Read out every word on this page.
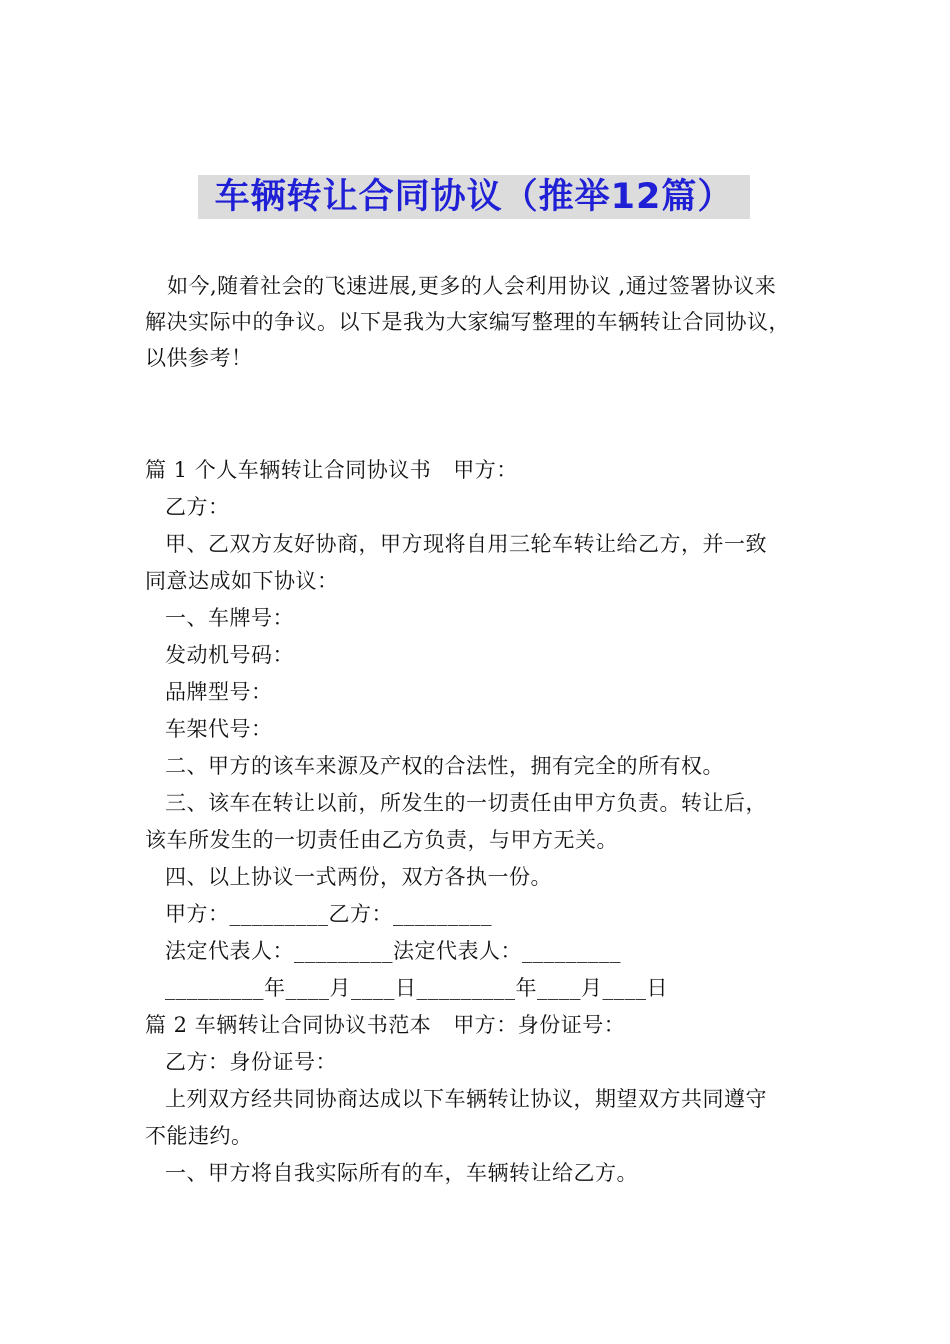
车辆转让合同协议（推举12篇）

如今,随着社会的飞速进展,更多的人会利用协议 ,通过签署协议来

解决实际中的争议。以下是我为大家编写整理的车辆转让合同协议，

以供参考！

篇 1 个人车辆转让合同协议书 甲方：
乙方：
甲、乙双方友好协商，甲方现将自用三轮车转让给乙方，并一致
同意达成如下协议：
一、车牌号：
发动机号码：
品牌型号：
车架代号：
二、甲方的该车来源及产权的合法性，拥有完全的所有权。
三、该车在转让以前，所发生的一切责任由甲方负责。转让后，
该车所发生的一切责任由乙方负责，与甲方无关。
四、以上协议一式两份，双方各执一份。
甲方：_________乙方：_________
法定代表人：_________法定代表人：_________
_________年____月____日_________年____月____日
篇 2 车辆转让合同协议书范本 甲方：身份证号：
乙方：身份证号：
上列双方经共同协商达成以下车辆转让协议，期望双方共同遵守
不能违约。
一、甲方将自我实际所有的车，车辆转让给乙方。
